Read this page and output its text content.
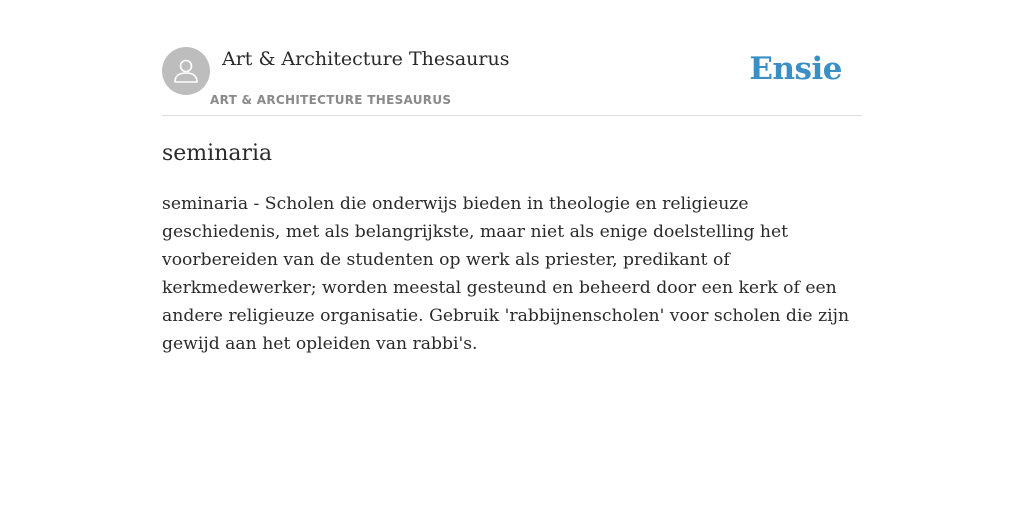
Art & Architecture Thesaurus
ART & ARCHITECTURE THESAURUS
Ensie
seminaria

seminaria - Scholen die onderwijs bieden in theologie en religieuze geschiedenis, met als belangrijkste, maar niet als enige doelstelling het voorbereiden van de studenten op werk als priester, predikant of kerkmedewerker; worden meestal gesteund en beheerd door een kerk of een andere religieuze organisatie. Gebruik 'rabbijnenscholen' voor scholen die zijn gewijd aan het opleiden van rabbi's.
